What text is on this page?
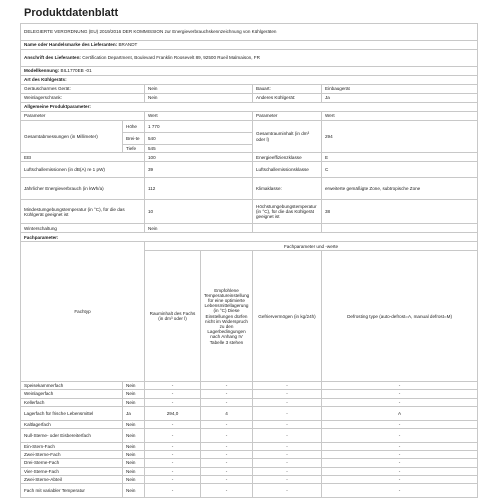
Produktdatenblatt
DELEGIERTE VERORDNUNG (EU) 2019/2016 DER KOMMISSION zur Energieverbrauchskennzeichnung von Kühlgeräten					
Name oder Handelsmarke des Lieferanten: BRANDT					
Anschrift des Lieferanten: Certification Department, Boulevard Franklin Roosevelt 89, 92500 Rueil Malmaison, FR					
Modellkennung: BIL1770EB -01					
Art des Kühlgeräts:					
Geräuscharmes Gerät:		Nein		Bauart:	Einbaugerät
Weinlagerschrank:		Nein		Anderes Kühlgerät:	Ja
Allgemeine Produktparameter:					
Parameter		Wert		Parameter	Wert
Gesamtabmessungen (in Millimeter)	Höhe	1 770		Gesamtrauminhalt (in dm³ oder l)	294
	Brei-te	540			
	Tiefe	545			
EEI		100		Energieeffizienzklasse	E
Luftschallemissionen (in dB(A) re 1 pW)		39		Luftschallemissionsklasse	C
Jährlicher Energieverbrauch (in kWh/a)		112		Klimaklasse:	erweiterte gemäßigte Zone, subtropische Zone
Mindestumgebungstemperatur (in °C), für die das Kühlgerät geeignet ist		10		Höchstumgebungstemperatur (in °C), für die das Kühlgerät geeignet ist	38
Winterschaltung		Nein			
Fachparameter:					
Fachtyp		Fachparameter und -werte			
		Rauminhalt des Fachs (in dm³ oder l)	Empfohlene Temperatureinstellung für eine optimierte Lebensmittellagerung (in °C) Diese Einstellungen dürfen nicht im Widerspruch zu den Lagerbedingungen nach Anhang IV Tabelle 3 stehen	Gefriervermögen (in kg/24h)	Defrosting type (auto-defrost=A, manual defrost=M)
Speisekammerfach	Nein	-	-	-	-
Weinlagerfach	Nein	-	-	-	-
Kellerfach	Nein	-	-	-	-
Lagerfach für frische Lebensmittel	Ja	294,0	4	-	A
Kaltlagerfach	Nein	-	-	-	-
Null-Sterne- oder Eisbereiterfach	Nein	-	-	-	-
Ein-Stern-Fach	Nein	-	-	-	-
Zwei-Sterne-Fach	Nein	-	-	-	-
Drei-Sterne-Fach	Nein	-	-	-	-
Vier-Sterne-Fach	Nein	-	-	-	-
Zwei-Sterne-Abteil	Nein	-	-	-	-
Fach mit variabler Temperatur	Nein	-	-	-	-
